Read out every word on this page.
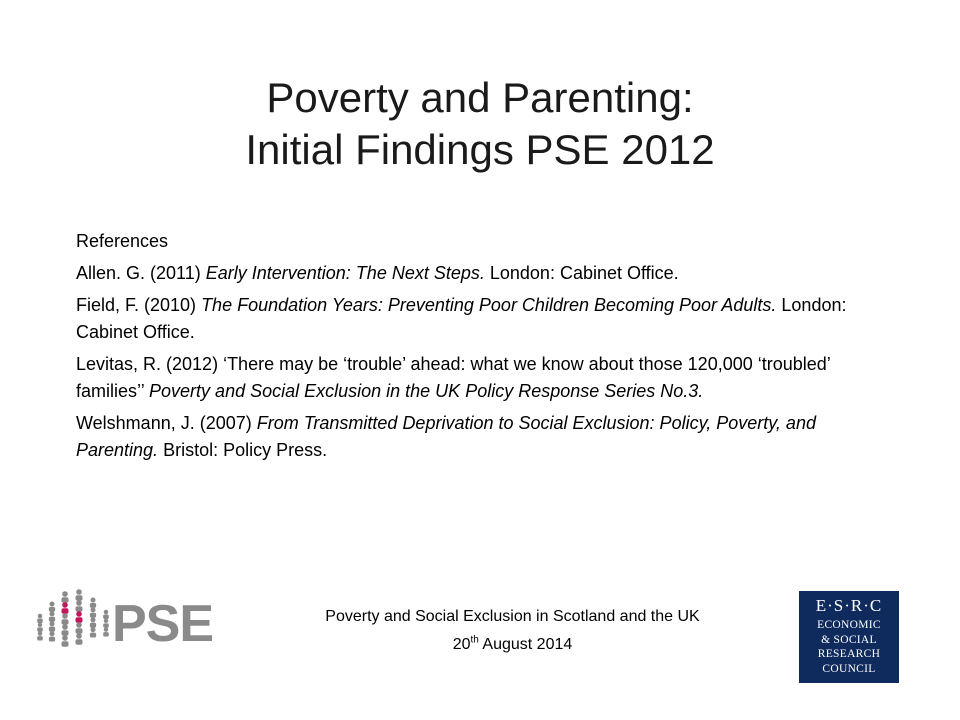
Poverty and Parenting:
Initial Findings PSE 2012
References
Allen. G. (2011) Early Intervention: The Next Steps. London: Cabinet Office.
Field, F. (2010) The Foundation Years: Preventing Poor Children Becoming Poor Adults. London: Cabinet Office.
Levitas, R. (2012) ‘There may be ‘trouble’ ahead: what we know about those 120,000 ‘troubled’ families’’ Poverty and Social Exclusion in the UK Policy Response Series No.3.
Welshmann, J. (2007) From Transmitted Deprivation to Social Exclusion: Policy, Poverty, and Parenting. Bristol: Policy Press.
PSE	Poverty and Social Exclusion in Scotland and the UK
20th August 2014
E·S·R·C
ECONOMIC
& SOCIAL
RESEARCH
COUNCIL
